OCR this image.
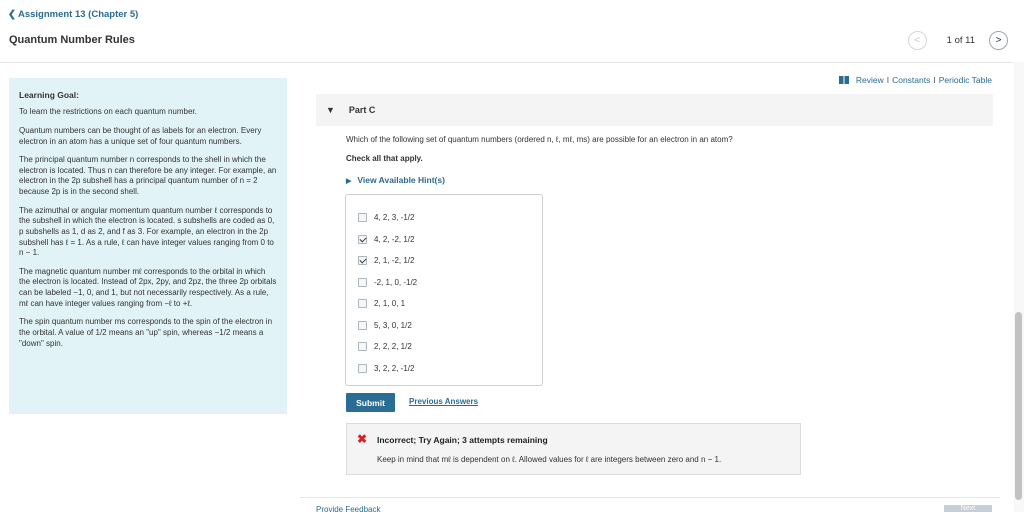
❮ Assignment 13 (Chapter 5)
Quantum Number Rules	<	1 of 11 >
Learning Goal:

To learn the restrictions on each quantum number.

Quantum numbers can be thought of as labels for an electron. Every electron in an atom has a unique set of four quantum numbers.

The principal quantum number n corresponds to the shell in which the electron is located. Thus n can therefore be any integer. For example, an electron in the 2p subshell has a principal quantum number of n = 2 because 2p is in the second shell.

The azimuthal or angular momentum quantum number ℓ corresponds to the subshell in which the electron is located. s subshells are coded as 0, p subshells as 1, d as 2, and f as 3. For example, an electron in the 2p subshell has ℓ = 1. As a rule, ℓ can have integer values ranging from 0 to n − 1.

The magnetic quantum number mℓ corresponds to the orbital in which the electron is located. Instead of 2px, 2py, and 2pz, the three 2p orbitals can be labeled −1, 0, and 1, but not necessarily respectively. As a rule, mℓ can have integer values ranging from −ℓ to +ℓ.

The spin quantum number ms corresponds to the spin of the electron in the orbital. A value of 1/2 means an "up" spin, whereas −1/2 means a "down" spin.

Review I Constants I Periodic Table
▼ Part C
Which of the following set of quantum numbers (ordered n, ℓ, mℓ, ms) are possible for an electron in an atom?
Check all that apply.
▶ View Available Hint(s)
4, 2, 3, -1/2
4, 2, -2, 1/2
2, 1, -2, 1/2
-2, 1, 0, -1/2
2, 1, 0, 1
5, 3, 0, 1/2
2, 2, 2, 1/2
3, 2, 2, -1/2
Submit	Previous Answers
✖ Incorrect; Try Again; 3 attempts remaining
Keep in mind that mℓ is dependent on ℓ. Allowed values for ℓ are integers between zero and n − 1.
Provide Feedback	Next
